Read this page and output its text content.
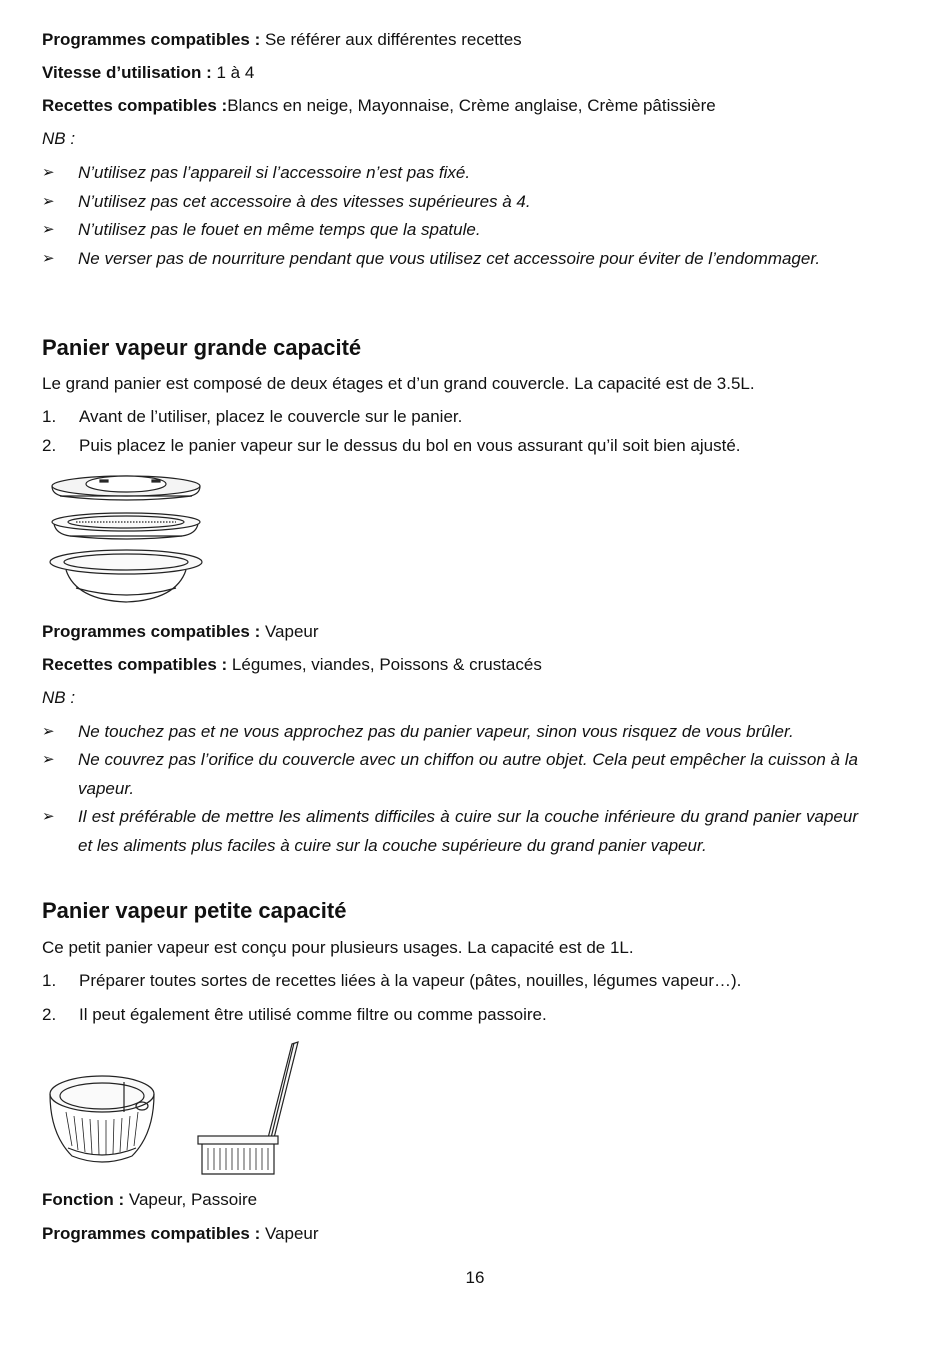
Programmes compatibles : Se référer aux différentes recettes
Vitesse d’utilisation : 1 à 4
Recettes compatibles :Blancs en neige, Mayonnaise, Crème anglaise, Crème pâtissière
NB :
➢ N’utilisez pas l’appareil si l’accessoire n’est pas fixé.
➢ N’utilisez pas cet accessoire à des vitesses supérieures à 4.
➢ N’utilisez pas le fouet en même temps que la spatule.
➢ Ne verser pas de nourriture pendant que vous utilisez cet accessoire pour éviter de l’endommager.
Panier vapeur grande capacité
Le grand panier est composé de deux étages et d’un grand couvercle. La capacité est de 3.5L.
1. Avant de l’utiliser, placez le couvercle sur le panier.
2. Puis placez le panier vapeur sur le dessus du bol en vous assurant qu’il soit bien ajusté.
Programmes compatibles : Vapeur
Recettes compatibles : Légumes, viandes, Poissons & crustacés
NB :
➢ Ne touchez pas et ne vous approchez pas du panier vapeur, sinon vous risquez de vous brûler.
➢ Ne couvrez pas l’orifice du couvercle avec un chiffon ou autre objet. Cela peut empêcher la cuisson à la vapeur.
➢ Il est préférable de mettre les aliments difficiles à cuire sur la couche inférieure du grand panier vapeur et les aliments plus faciles à cuire sur la couche supérieure du grand panier vapeur.
Panier vapeur petite capacité
Ce petit panier vapeur est conçu pour plusieurs usages. La capacité est de 1L.
1. Préparer toutes sortes de recettes liées à la vapeur (pâtes, nouilles, légumes vapeur…).
2. Il peut également être utilisé comme filtre ou comme passoire.
Fonction : Vapeur, Passoire
Programmes compatibles : Vapeur
16
